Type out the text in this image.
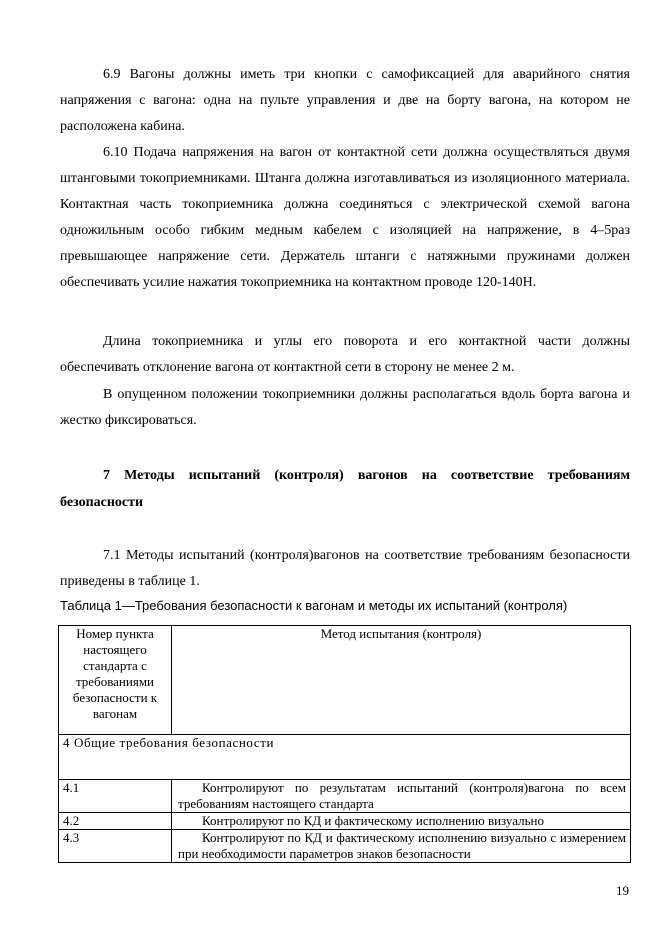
6.9 Вагоны должны иметь три кнопки с самофиксацией для аварийного снятия напряжения с вагона: одна на пульте управления и две на борту вагона, на котором не расположена кабина.

6.10 Подача напряжения на вагон от контактной сети должна осуществляться двумя штанговыми токоприемниками. Штанга должна изготавливаться из изоляционного материала. Контактная часть токоприемника должна соединяться с электрической схемой вагона одножильным особо гибким медным кабелем с изоляцией на напряжение, в 4–5раз превышающее напряжение сети. Держатель штанги с натяжными пружинами должен обеспечивать усилие нажатия токоприемника на контактном проводе 120-140Н.

Длина токоприемника и углы его поворота и его контактной части должны обеспечивать отклонение вагона от контактной сети в сторону не менее 2 м.

В опущенном положении токоприемники должны располагаться вдоль борта вагона и жестко фиксироваться.

7 Методы испытаний (контроля) вагонов на соответствие требованиям безопасности

7.1 Методы испытаний (контроля)вагонов на соответствие требованиям безопасности приведены в таблице 1.

Таблица 1—Требования безопасности к вагонам и методы их испытаний (контроля)

Номер пункта настоящего стандарта с требованиями безопасности к вагонам	Метод испытания (контроля)
4 Общие требования безопасности	
4.1	Контролируют по результатам испытаний (контроля)вагона по всем требованиям настоящего стандарта
4.2	Контролируют по КД и фактическому исполнению визуально
4.3	Контролируют по КД и фактическому исполнению визуально с измерением при необходимости параметров знаков безопасности
19
